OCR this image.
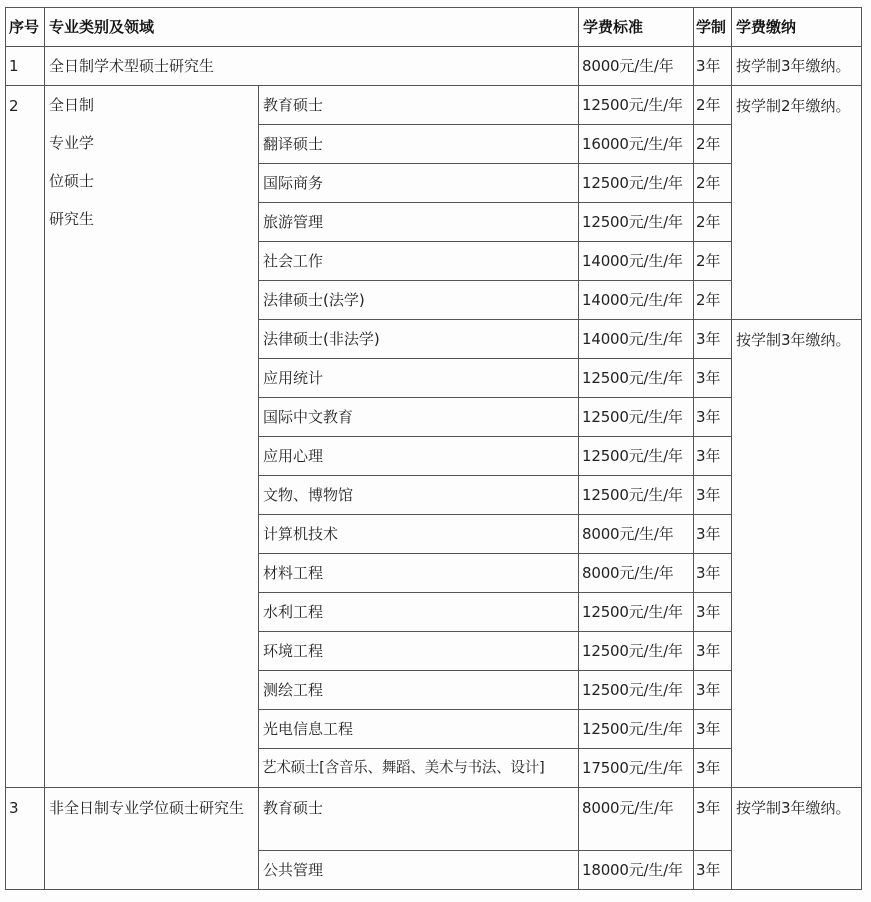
序号	专业类别及领域		学费标准	学制	学费缴纳
1	全日制学术型硕士研究生		8000元/生/年	3年	按学制3年缴纳。
2	全日制
专业学
位硕士
研究生	教育硕士	12500元/生/年	2年	按学制2年缴纳。
		翻译硕士	16000元/生/年	2年	
		国际商务	12500元/生/年	2年	
		旅游管理	12500元/生/年	2年	
		社会工作	14000元/生/年	2年	
		法律硕士(法学)	14000元/生/年	2年	
		法律硕士(非法学)	14000元/生/年	3年	按学制3年缴纳。
		应用统计	12500元/生/年	3年	
		国际中文教育	12500元/生/年	3年	
		应用心理	12500元/生/年	3年	
		文物、博物馆	12500元/生/年	3年	
		计算机技术	8000元/生/年	3年	
		材料工程	8000元/生/年	3年	
		水利工程	12500元/生/年	3年	
		环境工程	12500元/生/年	3年	
		测绘工程	12500元/生/年	3年	
		光电信息工程	12500元/生/年	3年	
		艺术硕士[含音乐、舞蹈、美术与书法、设计]	17500元/生/年	3年	
3	非全日制专业学位硕士研究生	教育硕士	8000元/生/年	3年	按学制3年缴纳。
		公共管理	18000元/生/年	3年	
